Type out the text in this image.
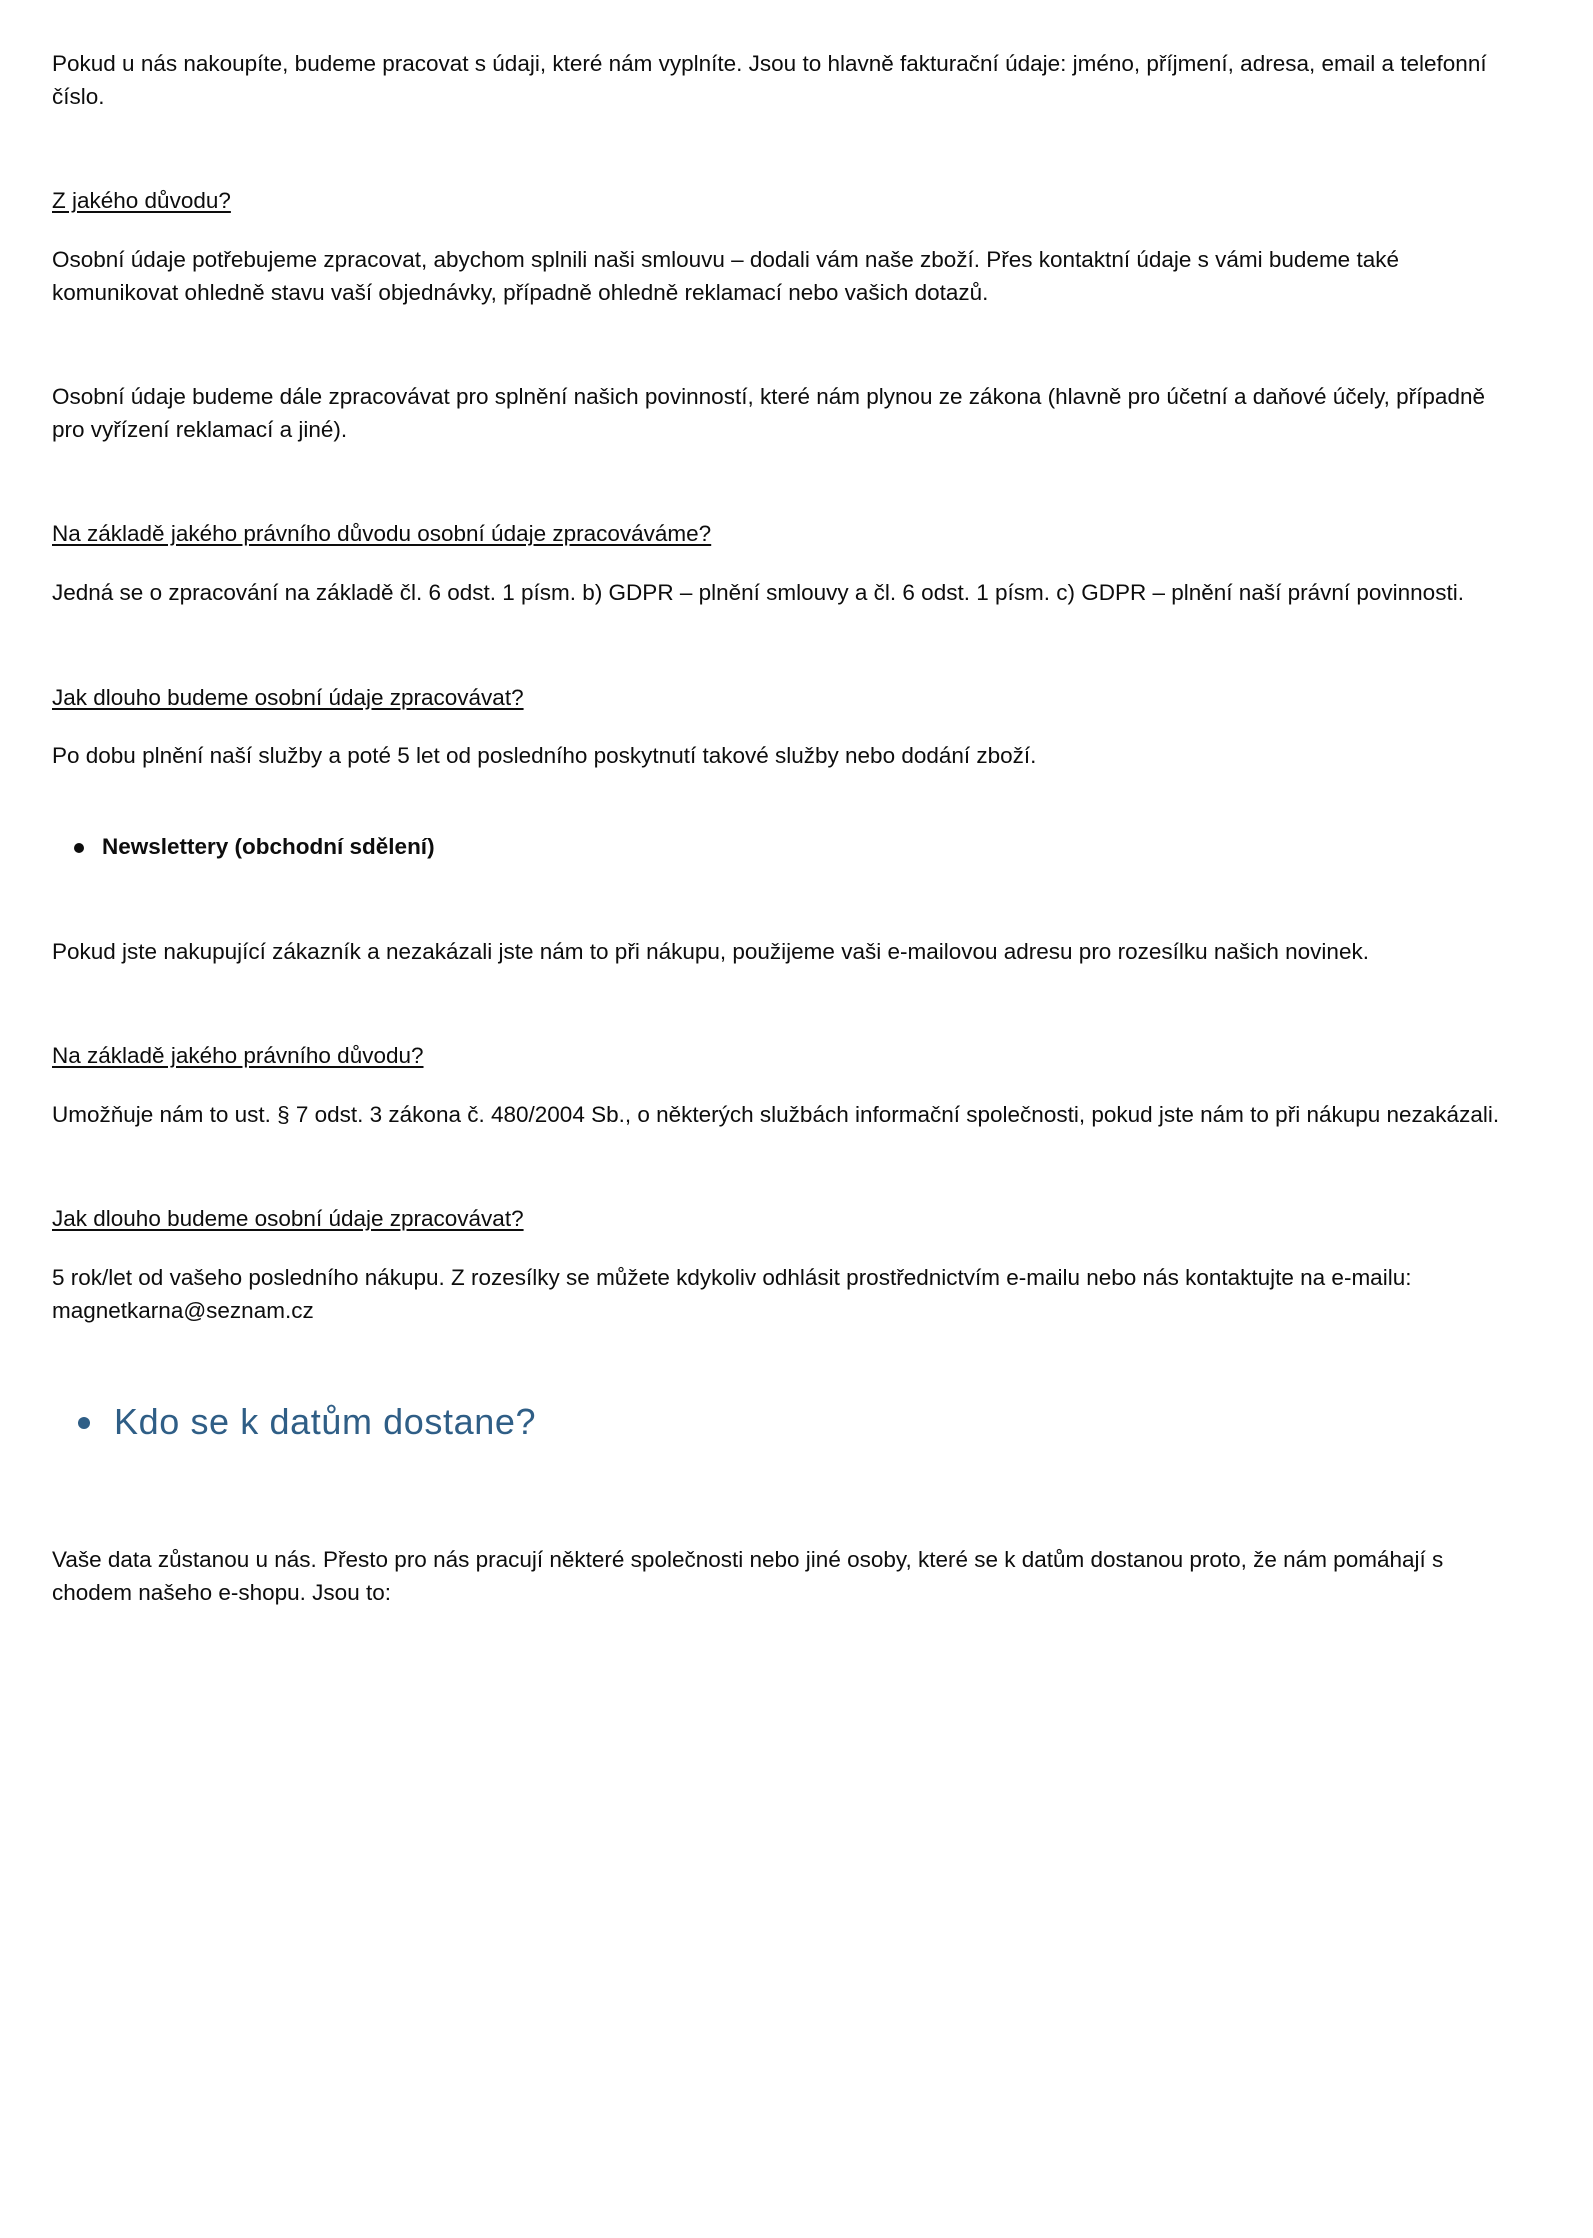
Pokud u nás nakoupíte, budeme pracovat s údaji, které nám vyplníte. Jsou to hlavně fakturační údaje: jméno, příjmení, adresa, email a telefonní číslo.

Z jakého důvodu?

Osobní údaje potřebujeme zpracovat, abychom splnili naši smlouvu – dodali vám naše zboží. Přes kontaktní údaje s vámi budeme také komunikovat ohledně stavu vaší objednávky, případně ohledně reklamací nebo vašich dotazů.

Osobní údaje budeme dále zpracovávat pro splnění našich povinností, které nám plynou ze zákona (hlavně pro účetní a daňové účely, případně pro vyřízení reklamací a jiné).

Na základě jakého právního důvodu osobní údaje zpracováváme?

Jedná se o zpracování na základě čl. 6 odst. 1 písm. b) GDPR – plnění smlouvy a čl. 6 odst. 1 písm. c) GDPR – plnění naší právní povinnosti.

Jak dlouho budeme osobní údaje zpracovávat?

Po dobu plnění naší služby a poté 5 let od posledního poskytnutí takové služby nebo dodání zboží.

Newslettery (obchodní sdělení)

Pokud jste nakupující zákazník a nezakázali jste nám to při nákupu, použijeme vaši e-mailovou adresu pro rozesílku našich novinek.

Na základě jakého právního důvodu?

Umožňuje nám to ust. § 7 odst. 3 zákona č. 480/2004 Sb., o některých službách informační společnosti, pokud jste nám to při nákupu nezakázali.

Jak dlouho budeme osobní údaje zpracovávat?

5 rok/let od vašeho posledního nákupu. Z rozesílky se můžete kdykoliv odhlásit prostřednictvím e-mailu nebo nás kontaktujte na e-mailu: magnetkarna@seznam.cz

Kdo se k datům dostane?

Vaše data zůstanou u nás. Přesto pro nás pracují některé společnosti nebo jiné osoby, které se k datům dostanou proto, že nám pomáhají s chodem našeho e-shopu. Jsou to:
